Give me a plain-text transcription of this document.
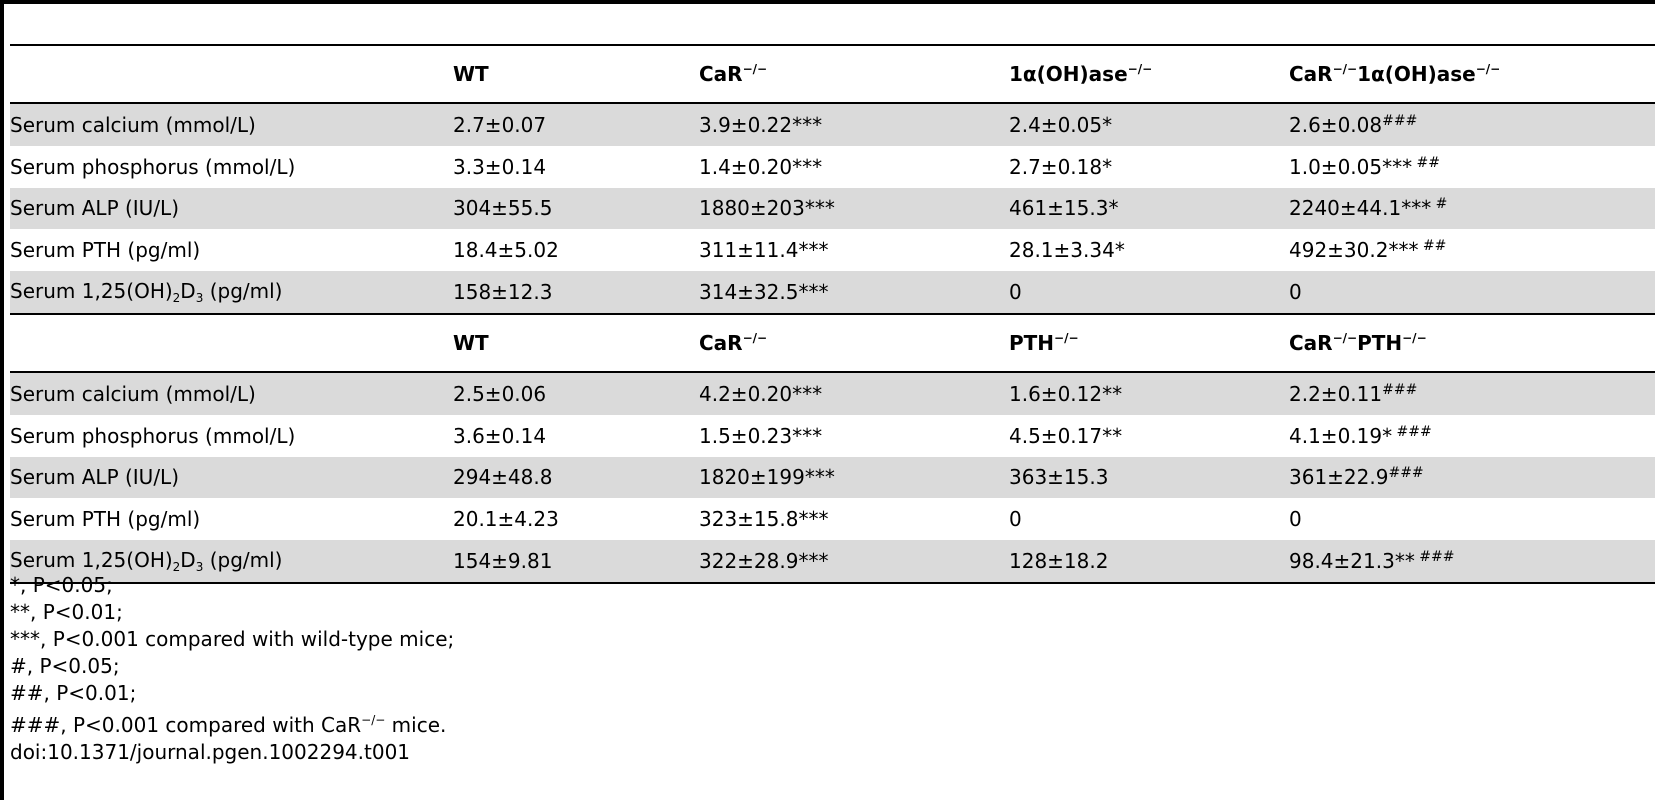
	WT	CaR−/−	1α(OH)ase−/−	CaR−/−1α(OH)ase−/−
Serum calcium (mmol/L)	2.7±0.07	3.9±0.22***	2.4±0.05*	2.6±0.08###
Serum phosphorus (mmol/L)	3.3±0.14	1.4±0.20***	2.7±0.18*	1.0±0.05*** ##
Serum ALP (IU/L)	304±55.5	1880±203***	461±15.3*	2240±44.1*** #
Serum PTH (pg/ml)	18.4±5.02	311±11.4***	28.1±3.34*	492±30.2*** ##
Serum $1,25(OH)_2D_3$ (pg/ml)	158±12.3	314±32.5***	0	0
	WT	CaR−/−	PTH−/−	CaR−/−PTH−/−
Serum calcium (mmol/L)	2.5±0.06	4.2±0.20***	1.6±0.12**	2.2±0.11###
Serum phosphorus (mmol/L)	3.6±0.14	1.5±0.23***	4.5±0.17**	4.1±0.19* ###
Serum ALP (IU/L)	294±48.8	1820±199***	363±15.3	361±22.9###
Serum PTH (pg/ml)	20.1±4.23	323±15.8***	0	0
Serum $1,25(OH)_2D_3$ (pg/ml)	154±9.81	322±28.9***	128±18.2	98.4±21.3** ###
*, P<0.05;
**, P<0.01;
***, P<0.001 compared with wild-type mice;
#, P<0.05;
##, P<0.01;
###, P<0.001 compared with CaR−/− mice.
doi:10.1371/journal.pgen.1002294.t001
